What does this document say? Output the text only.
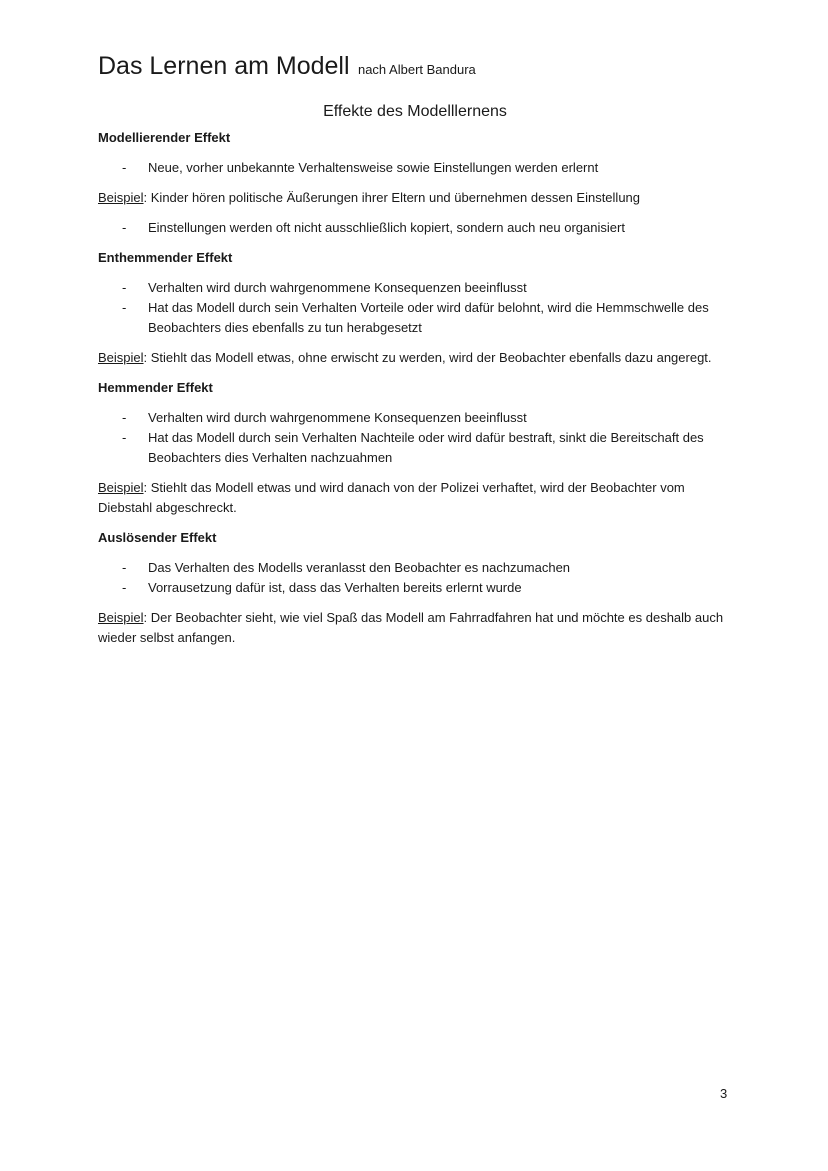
Das Lernen am Modell nach Albert Bandura
Effekte des Modelllernens

Modellierender Effekt

- Neue, vorher unbekannte Verhaltensweise sowie Einstellungen werden erlernt

Beispiel: Kinder hören politische Äußerungen ihrer Eltern und übernehmen dessen Einstellung

- Einstellungen werden oft nicht ausschließlich kopiert, sondern auch neu organisiert

Enthemmender Effekt

- Verhalten wird durch wahrgenommene Konsequenzen beeinflusst
- Hat das Modell durch sein Verhalten Vorteile oder wird dafür belohnt, wird die Hemmschwelle des Beobachters dies ebenfalls zu tun herabgesetzt

Beispiel: Stiehlt das Modell etwas, ohne erwischt zu werden, wird der Beobachter ebenfalls dazu angeregt.

Hemmender Effekt

- Verhalten wird durch wahrgenommene Konsequenzen beeinflusst
- Hat das Modell durch sein Verhalten Nachteile oder wird dafür bestraft, sinkt die Bereitschaft des Beobachters dies Verhalten nachzuahmen

Beispiel: Stiehlt das Modell etwas und wird danach von der Polizei verhaftet, wird der Beobachter vom Diebstahl abgeschreckt.

Auslösender Effekt

- Das Verhalten des Modells veranlasst den Beobachter es nachzumachen
- Vorrausetzung dafür ist, dass das Verhalten bereits erlernt wurde

Beispiel: Der Beobachter sieht, wie viel Spaß das Modell am Fahrradfahren hat und möchte es deshalb auch wieder selbst anfangen.

3
